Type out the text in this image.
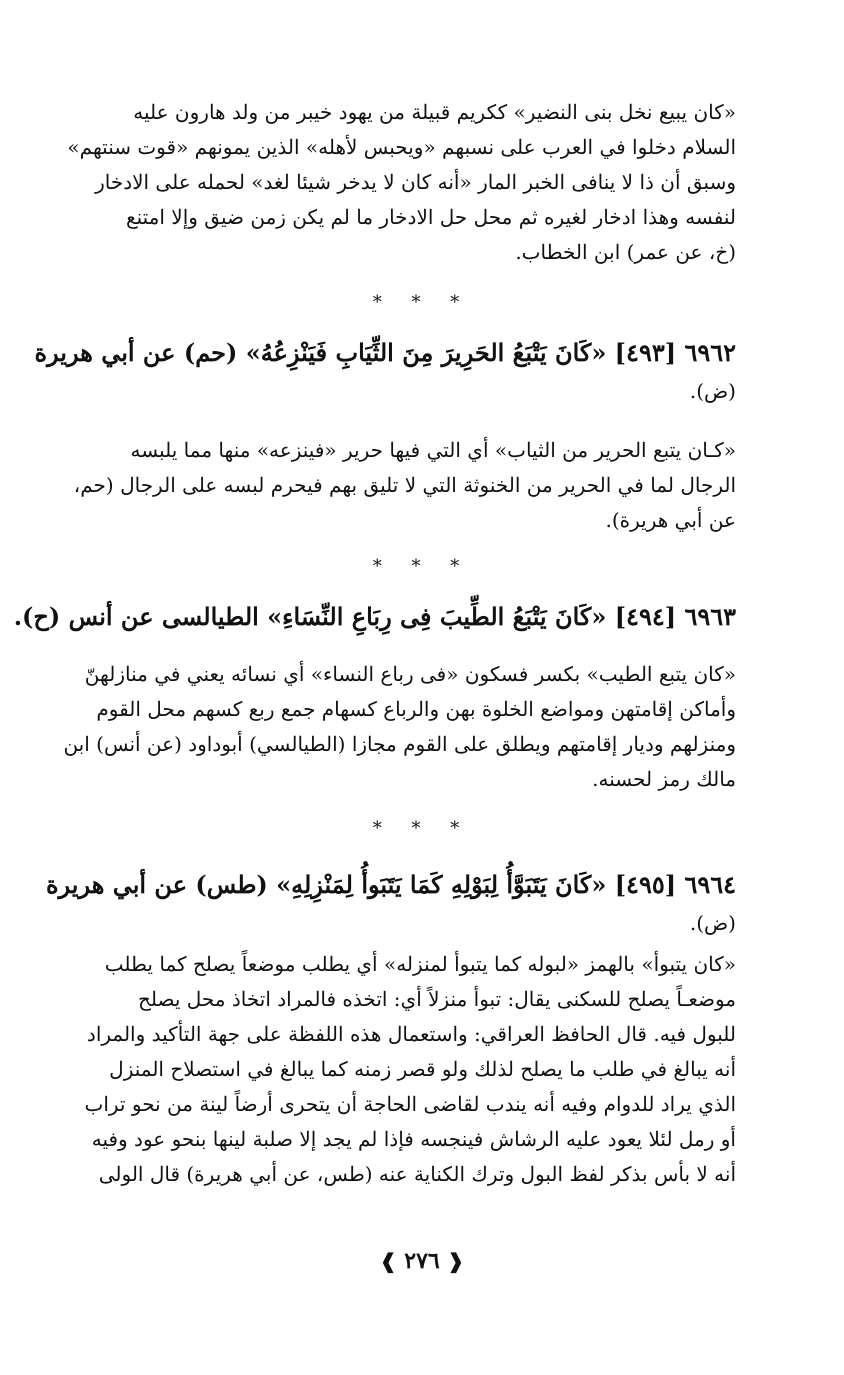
«كان يبيع نخل بنى النضير» ككريم قبيلة من يهود خيبر من ولد هارون عليه
السلام دخلوا في العرب على نسبهم «ويحبس لأهله» الذين يمونهم «قوت سنتهم»
وسبق أن ذا لا ينافى الخبر المار «أنه كان لا يدخر شيئا لغد» لحمله على الادخار
لنفسه وهذا ادخار لغيره ثم محل حل الادخار ما لم يكن زمن ضيق وإلا امتنع
(خ، عن عمر) ابن الخطاب.
* * *
٦٩٦٢ [٤٩٣] «كَانَ يَتْبَعُ الحَرِيرَ مِنَ الثِّيَابِ فَيَنْزِعُهُ» (حم) عن أبي هريرة
(ض).
«كـان يتبع الحرير من الثياب» أي التي فيها حرير «فينزعه» منها مما يلبسه
الرجال لما في الحرير من الخنوثة التي لا تليق بهم فيحرم لبسه على الرجال (حم،
عن أبي هريرة).
* * *
٦٩٦٣ [٤٩٤] «كَانَ يَتْبَعُ الطِّيبَ فِى رِبَاعِ النِّسَاءِ» الطيالسى عن أنس (ح).
«كان يتبع الطيب» بكسر فسكون «فى رباع النساء» أي نسائه يعني في منازلهنّ
وأماكن إقامتهن ومواضع الخلوة بهن والرباع كسهام جمع ربع كسهم محل القوم
ومنزلهم وديار إقامتهم ويطلق على القوم مجازا (الطيالسي) أبوداود (عن أنس) ابن
مالك رمز لحسنه.
* * *
٦٩٦٤ [٤٩٥] «كَانَ يَتَبَوَّأُ لِبَوْلِهِ كَمَا يَتَبَوأُ لِمَنْزِلِهِ» (طس) عن أبي هريرة
(ض).
«كان يتبوأ» بالهمز «لبوله كما يتبوأ لمنزله» أي يطلب موضعاً يصلح كما يطلب
موضعـاً يصلح للسكنى يقال: تبوأ منزلاً أي: اتخذه فالمراد اتخاذ محل يصلح
للبول فيه. قال الحافظ العراقي: واستعمال هذه اللفظة على جهة التأكيد والمراد
أنه يبالغ في طلب ما يصلح لذلك ولو قصر زمنه كما يبالغ في استصلاح المنزل
الذي يراد للدوام وفيه أنه يندب لقاضى الحاجة أن يتحرى أرضاً لينة من نحو تراب
أو رمل لئلا يعود عليه الرشاش فينجسه فإذا لم يجد إلا صلبة لينها بنحو عود وفيه
أنه لا بأس بذكر لفظ البول وترك الكناية عنه (طس، عن أبي هريرة) قال الولى
❰ ٢٧٦ ❱
